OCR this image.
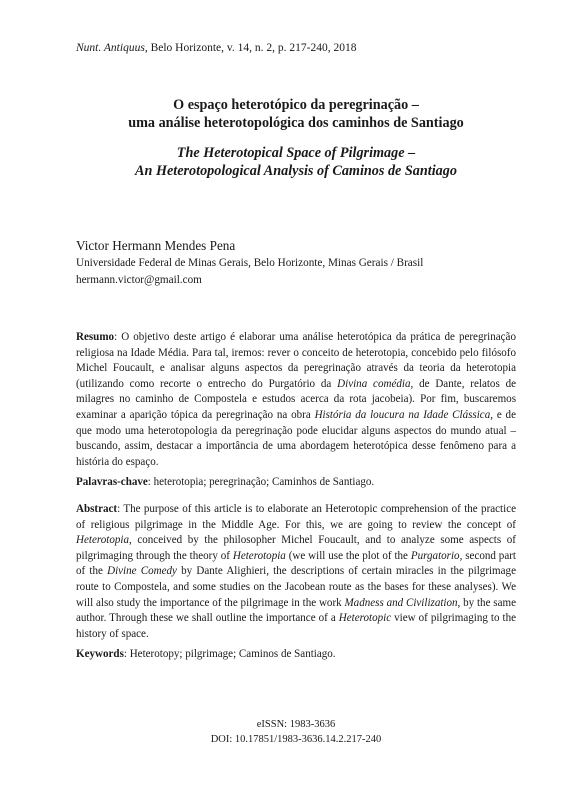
Nunt. Antiquus, Belo Horizonte, v. 14, n. 2, p. 217-240, 2018
O espaço heterotópico da peregrinação –
uma análise heterotopológica dos caminhos de Santiago
The Heterotopical Space of Pilgrimage –
An Heterotopological Analysis of Caminos de Santiago
Victor Hermann Mendes Pena
Universidade Federal de Minas Gerais, Belo Horizonte, Minas Gerais / Brasil
hermann.victor@gmail.com
Resumo: O objetivo deste artigo é elaborar uma análise heterotópica da prática de peregrinação religiosa na Idade Média. Para tal, iremos: rever o conceito de heterotopia, concebido pelo filósofo Michel Foucault, e analisar alguns aspectos da peregrinação através da teoria da heterotopia (utilizando como recorte o entrecho do Purgatório da Divina comédia, de Dante, relatos de milagres no caminho de Compostela e estudos acerca da rota jacobeia). Por fim, buscaremos examinar a aparição tópica da peregrinação na obra História da loucura na Idade Clássica, e de que modo uma heterotopologia da peregrinação pode elucidar alguns aspectos do mundo atual – buscando, assim, destacar a importância de uma abordagem heterotópica desse fenômeno para a história do espaço.
Palavras-chave: heterotopia; peregrinação; Caminhos de Santiago.
Abstract: The purpose of this article is to elaborate an Heterotopic comprehension of the practice of religious pilgrimage in the Middle Age. For this, we are going to review the concept of Heterotopia, conceived by the philosopher Michel Foucault, and to analyze some aspects of pilgrimaging through the theory of Heterotopia (we will use the plot of the Purgatorio, second part of the Divine Comedy by Dante Alighieri, the descriptions of certain miracles in the pilgrimage route to Compostela, and some studies on the Jacobean route as the bases for these analyses). We will also study the importance of the pilgrimage in the work Madness and Civilization, by the same author. Through these we shall outline the importance of a Heterotopic view of pilgrimaging to the history of space.
Keywords: Heterotopy; pilgrimage; Caminos de Santiago.
eISSN: 1983-3636
DOI: 10.17851/1983-3636.14.2.217-240
